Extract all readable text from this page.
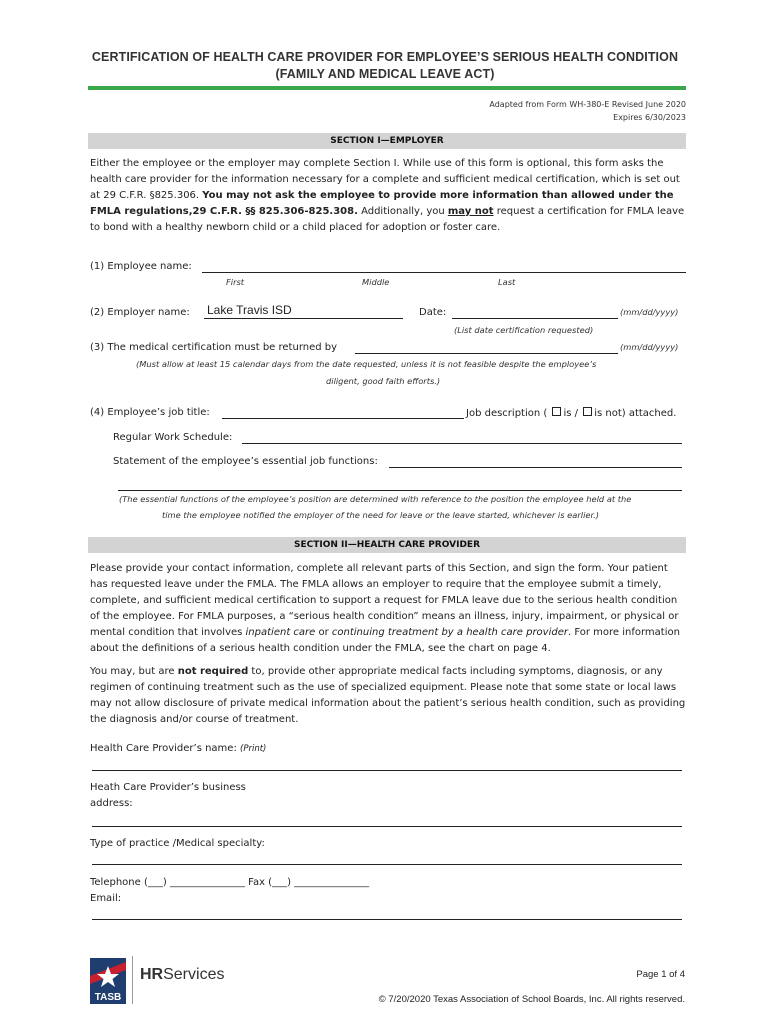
CERTIFICATION OF HEALTH CARE PROVIDER FOR EMPLOYEE’S SERIOUS HEALTH CONDITION
(FAMILY AND MEDICAL LEAVE ACT)
Adapted from Form WH-380-E Revised June 2020
Expires 6/30/2023
SECTION I—EMPLOYER
Either the employee or the employer may complete Section I. While use of this form is optional, this form asks the health care provider for the information necessary for a complete and sufficient medical certification, which is set out at 29 C.F.R. §825.306. You may not ask the employee to provide more information than allowed under the FMLA regulations,29 C.F.R. §§ 825.306-825.308. Additionally, you may not request a certification for FMLA leave to bond with a healthy newborn child or a child placed for adoption or foster care.
(1) Employee name:
First	Middle	Last
(2) Employer name: Lake Travis ISD	Date:	(mm/dd/yyyy)
(List date certification requested)
(3) The medical certification must be returned by	(mm/dd/yyyy)
(Must allow at least 15 calendar days from the date requested, unless it is not feasible despite the employee’s
diligent, good faith efforts.)
(4) Employee’s job title:	Job description ( is / is not) attached.
Regular Work Schedule:
Statement of the employee’s essential job functions:
(The essential functions of the employee’s position are determined with reference to the position the employee held at the
time the employee notified the employer of the need for leave or the leave started, whichever is earlier.)
SECTION II—HEALTH CARE PROVIDER
Please provide your contact information, complete all relevant parts of this Section, and sign the form. Your patient has requested leave under the FMLA. The FMLA allows an employer to require that the employee submit a timely, complete, and sufficient medical certification to support a request for FMLA leave due to the serious health condition of the employee. For FMLA purposes, a “serious health condition” means an illness, injury, impairment, or physical or mental condition that involves inpatient care or continuing treatment by a health care provider. For more information about the definitions of a serious health condition under the FMLA, see the chart on page 4.
You may, but are not required to, provide other appropriate medical facts including symptoms, diagnosis, or any regimen of continuing treatment such as the use of specialized equipment. Please note that some state or local laws may not allow disclosure of private medical information about the patient’s serious health condition, such as providing the diagnosis and/or course of treatment.
Health Care Provider’s name: (Print)
Heath Care Provider’s business
address:
Type of practice /Medical specialty:
Telephone (___) _______________ Fax (___) _______________
Email:
TASB
HRServices	Page 1 of 4
© 7/20/2020 Texas Association of School Boards, Inc. All rights reserved.
